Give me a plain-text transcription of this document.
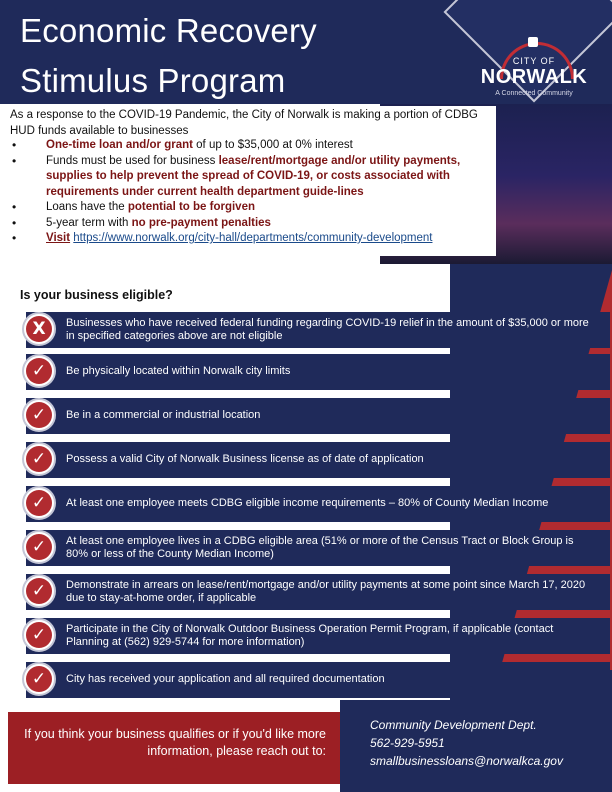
Economic Recovery
Stimulus Program
CITY OF
NORWALK
A Connected Community
As a response to the COVID-19 Pandemic, the City of Norwalk is making a portion of CDBG HUD funds available to businesses
• One-time loan and/or grant of up to $35,000 at 0% interest
• Funds must be used for business lease/rent/mortgage and/or utility payments, supplies to help prevent the spread of COVID-19, or costs associated with requirements under current health department guide-lines
• Loans have the potential to be forgiven
• 5-year term with no pre-payment penalties
• Visit https://www.norwalk.org/city-hall/departments/community-development
Is your business eligible?
X	Businesses who have received federal funding regarding COVID-19 relief in the amount of $35,000 or more in specified categories above are not eligible
✓	Be physically located within Norwalk city limits
✓	Be in a commercial or industrial location
✓	Possess a valid City of Norwalk Business license as of date of application
✓	At least one employee meets CDBG eligible income requirements – 80% of County Median Income
✓	At least one employee lives in a CDBG eligible area (51% or more of the Census Tract or Block Group is 80% or less of the County Median Income)
✓	Demonstrate in arrears on lease/rent/mortgage and/or utility payments at some point since March 17, 2020 due to stay-at-home order, if applicable
✓	Participate in the City of Norwalk Outdoor Business Operation Permit Program, if applicable (contact Planning at (562) 929-5744 for more information)
✓	City has received your application and all required documentation
If you think your business qualifies or if you'd like more information, please reach out to:
Community Development Dept.
562-929-5951
smallbusinessloans@norwalkca.gov
